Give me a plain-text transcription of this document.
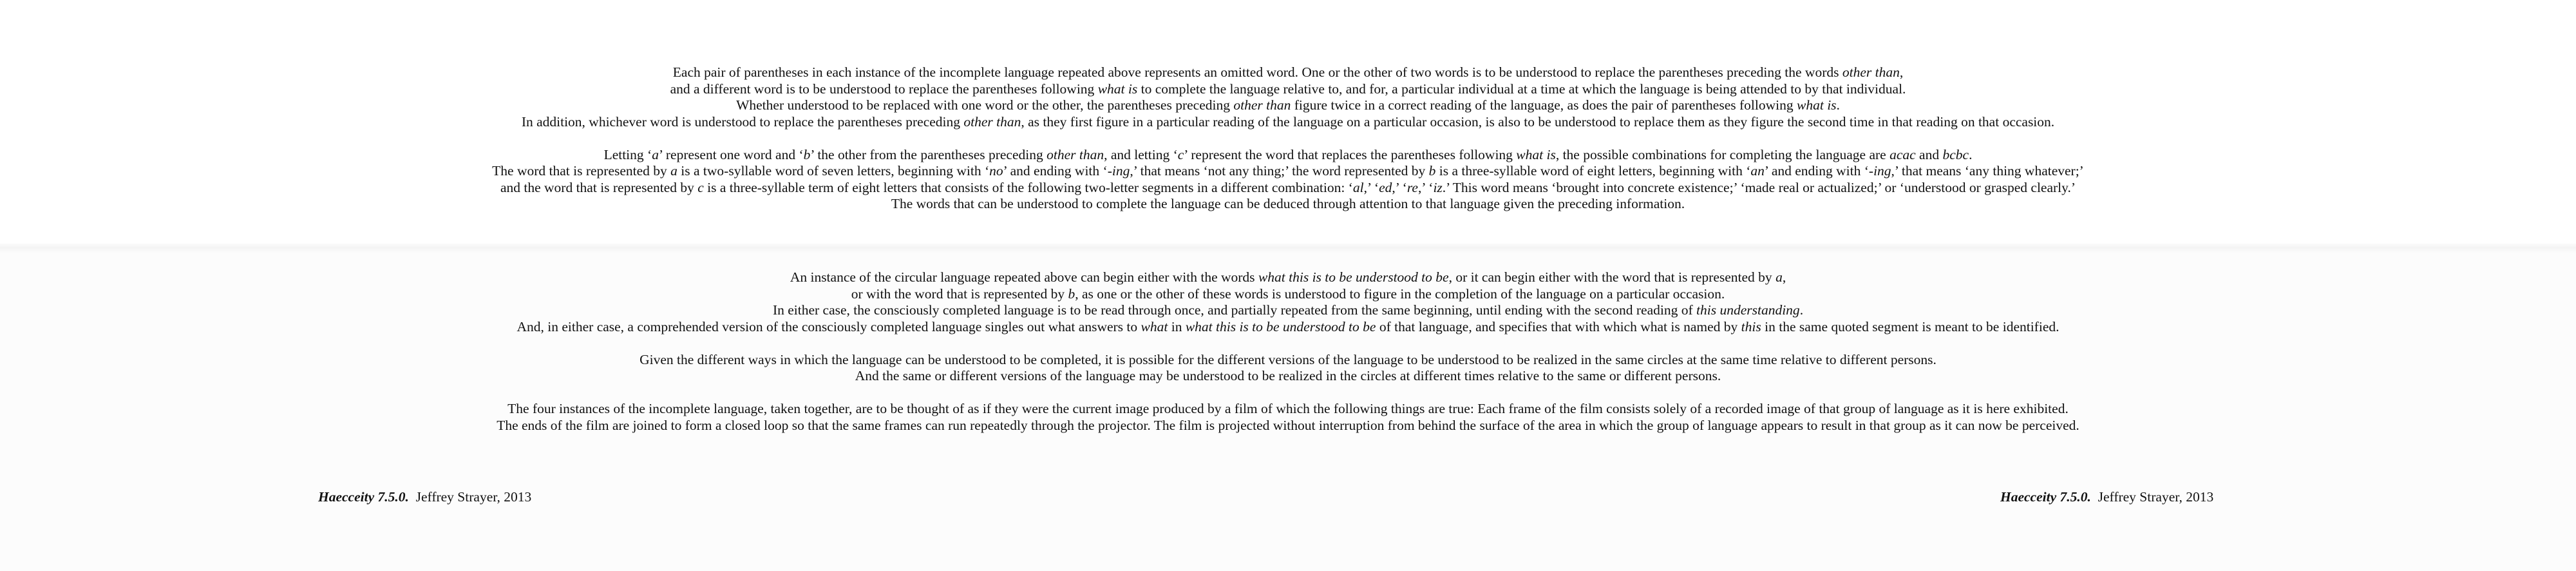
Each pair of parentheses in each instance of the incomplete language repeated above represents an omitted word. One or the other of two words is to be understood to replace the parentheses preceding the words other than,
and a different word is to be understood to replace the parentheses following what is to complete the language relative to, and for, a particular individual at a time at which the language is being attended to by that individual.
Whether understood to be replaced with one word or the other, the parentheses preceding other than figure twice in a correct reading of the language, as does the pair of parentheses following what is.
In addition, whichever word is understood to replace the parentheses preceding other than, as they first figure in a particular reading of the language on a particular occasion, is also to be understood to replace them as they figure the second time in that reading on that occasion.
Letting ‘a’ represent one word and ‘b’ the other from the parentheses preceding other than, and letting ‘c’ represent the word that replaces the parentheses following what is, the possible combinations for completing the language are acac and bcbc.
The word that is represented by a is a two-syllable word of seven letters, beginning with ‘no’ and ending with ‘-ing,’ that means ‘not any thing;’ the word represented by b is a three-syllable word of eight letters, beginning with ‘an’ and ending with ‘-ing,’ that means ‘any thing whatever;’
and the word that is represented by c is a three-syllable term of eight letters that consists of the following two-letter segments in a different combination: ‘al,’ ‘ed,’ ‘re,’ ‘iz.’ This word means ‘brought into concrete existence;’ ‘made real or actualized;’ or ‘understood or grasped clearly.’
The words that can be understood to complete the language can be deduced through attention to that language given the preceding information.
An instance of the circular language repeated above can begin either with the words what this is to be understood to be, or it can begin either with the word that is represented by a,
or with the word that is represented by b, as one or the other of these words is understood to figure in the completion of the language on a particular occasion.
In either case, the consciously completed language is to be read through once, and partially repeated from the same beginning, until ending with the second reading of this understanding.
And, in either case, a comprehended version of the consciously completed language singles out what answers to what in what this is to be understood to be of that language, and specifies that with which what is named by this in the same quoted segment is meant to be identified.
Given the different ways in which the language can be understood to be completed, it is possible for the different versions of the language to be understood to be realized in the same circles at the same time relative to different persons.
And the same or different versions of the language may be understood to be realized in the circles at different times relative to the same or different persons.
The four instances of the incomplete language, taken together, are to be thought of as if they were the current image produced by a film of which the following things are true: Each frame of the film consists solely of a recorded image of that group of language as it is here exhibited.
The ends of the film are joined to form a closed loop so that the same frames can run repeatedly through the projector. The film is projected without interruption from behind the surface of the area in which the group of language appears to result in that group as it can now be perceived.
Haecceity 7.5.0. Jeffrey Strayer, 2013	Haecceity 7.5.0. Jeffrey Strayer, 2013
